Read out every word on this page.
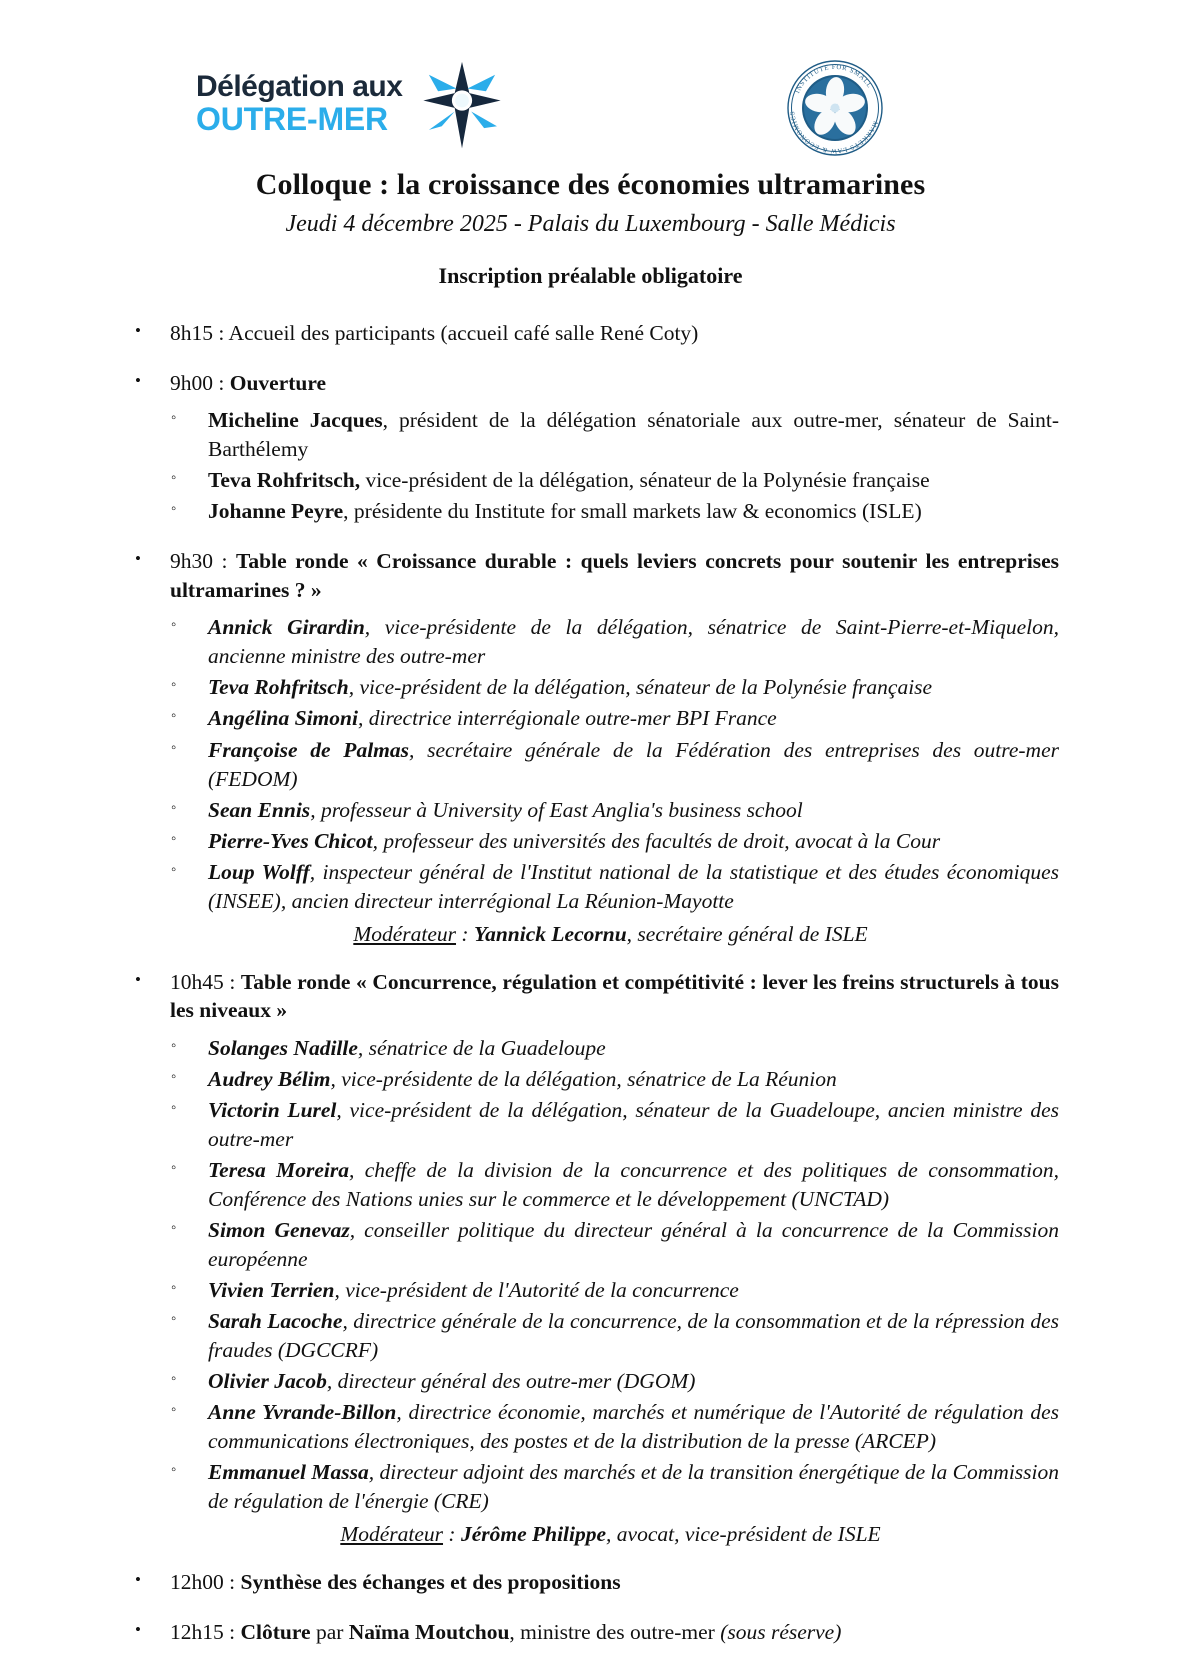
Délégation aux
OUTRE-MER
INSTITUTE FOR SMALL
MARKETS LAW & ECONOMICS
Colloque : la croissance des économies ultramarines
Jeudi 4 décembre 2025 - Palais du Luxembourg - Salle Médicis
Inscription préalable obligatoire
• 8h15 : Accueil des participants (accueil café salle René Coty)
• 9h00 : Ouverture
◦ Micheline Jacques, président de la délégation sénatoriale aux outre-mer, sénateur de Saint-Barthélemy
◦ Teva Rohfritsch, vice-président de la délégation, sénateur de la Polynésie française
◦ Johanne Peyre, présidente du Institute for small markets law & economics (ISLE)
• 9h30 : Table ronde « Croissance durable : quels leviers concrets pour soutenir les entreprises ultramarines ? »
◦ Annick Girardin, vice-présidente de la délégation, sénatrice de Saint-Pierre-et-Miquelon, ancienne ministre des outre-mer
◦ Teva Rohfritsch, vice-président de la délégation, sénateur de la Polynésie française
◦ Angélina Simoni, directrice interrégionale outre-mer BPI France
◦ Françoise de Palmas, secrétaire générale de la Fédération des entreprises des outre-mer (FEDOM)
◦ Sean Ennis, professeur à University of East Anglia's business school
◦ Pierre-Yves Chicot, professeur des universités des facultés de droit, avocat à la Cour
◦ Loup Wolff, inspecteur général de l'Institut national de la statistique et des études économiques (INSEE), ancien directeur interrégional La Réunion-Mayotte
Modérateur : Yannick Lecornu, secrétaire général de ISLE
• 10h45 : Table ronde « Concurrence, régulation et compétitivité : lever les freins structurels à tous les niveaux »
◦ Solanges Nadille, sénatrice de la Guadeloupe
◦ Audrey Bélim, vice-présidente de la délégation, sénatrice de La Réunion
◦ Victorin Lurel, vice-président de la délégation, sénateur de la Guadeloupe, ancien ministre des outre-mer
◦ Teresa Moreira, cheffe de la division de la concurrence et des politiques de consommation, Conférence des Nations unies sur le commerce et le développement (UNCTAD)
◦ Simon Genevaz, conseiller politique du directeur général à la concurrence de la Commission européenne
◦ Vivien Terrien, vice-président de l'Autorité de la concurrence
◦ Sarah Lacoche, directrice générale de la concurrence, de la consommation et de la répression des fraudes (DGCCRF)
◦ Olivier Jacob, directeur général des outre-mer (DGOM)
◦ Anne Yvrande-Billon, directrice économie, marchés et numérique de l'Autorité de régulation des communications électroniques, des postes et de la distribution de la presse (ARCEP)
◦ Emmanuel Massa, directeur adjoint des marchés et de la transition énergétique de la Commission de régulation de l'énergie (CRE)
Modérateur : Jérôme Philippe, avocat, vice-président de ISLE
• 12h00 : Synthèse des échanges et des propositions
• 12h15 : Clôture par Naïma Moutchou, ministre des outre-mer (sous réserve)
